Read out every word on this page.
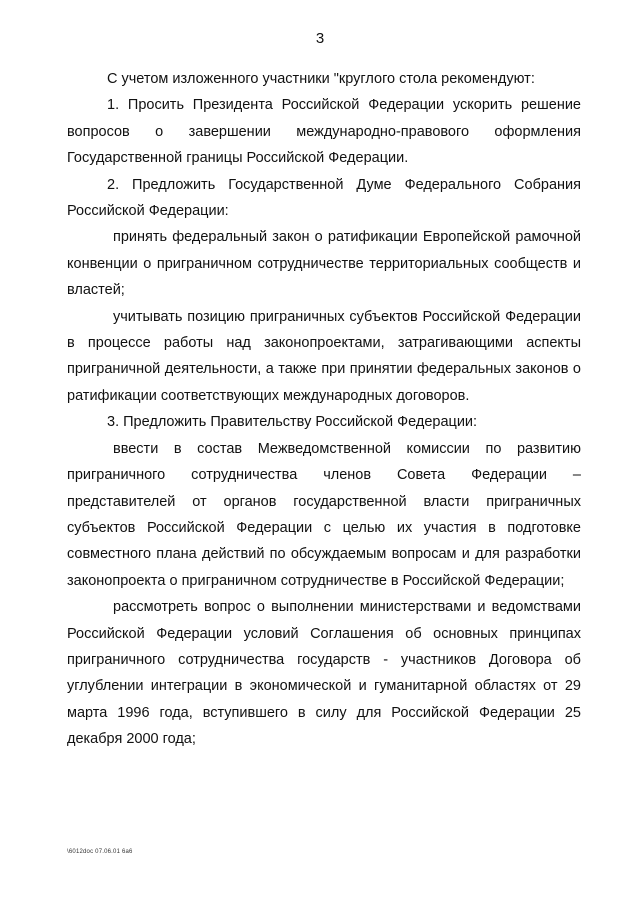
3

С учетом изложенного участники "круглого стола рекомендуют:

1. Просить Президента Российской Федерации ускорить решение вопросов о завершении международно-правового оформления Государственной границы Российской Федерации.

2. Предложить Государственной Думе Федерального Собрания Российской Федерации:

принять федеральный закон о ратификации Европейской рамочной конвенции о приграничном сотрудничестве территориальных сообществ и властей;

учитывать позицию приграничных субъектов Российской Федерации в процессе работы над законопроектами, затрагивающими аспекты приграничной деятельности, а также при принятии федеральных законов о ратификации соответствующих международных договоров.

3. Предложить Правительству Российской Федерации:

ввести в состав Межведомственной комиссии по развитию приграничного сотрудничества членов Совета Федерации – представителей от органов государственной власти приграничных субъектов Российской Федерации с целью их участия в подготовке совместного плана действий по обсуждаемым вопросам и для разработки законопроекта о приграничном сотрудничестве в Российской Федерации;

рассмотреть вопрос о выполнении министерствами и ведомствами Российской Федерации условий Соглашения об основных принципах приграничного сотрудничества государств - участников Договора об углублении интеграции в экономической и гуманитарной областях от 29 марта 1996 года, вступившего в силу для Российской Федерации 25 декабря 2000 года;

\6012doc 07.06.01 6a6
